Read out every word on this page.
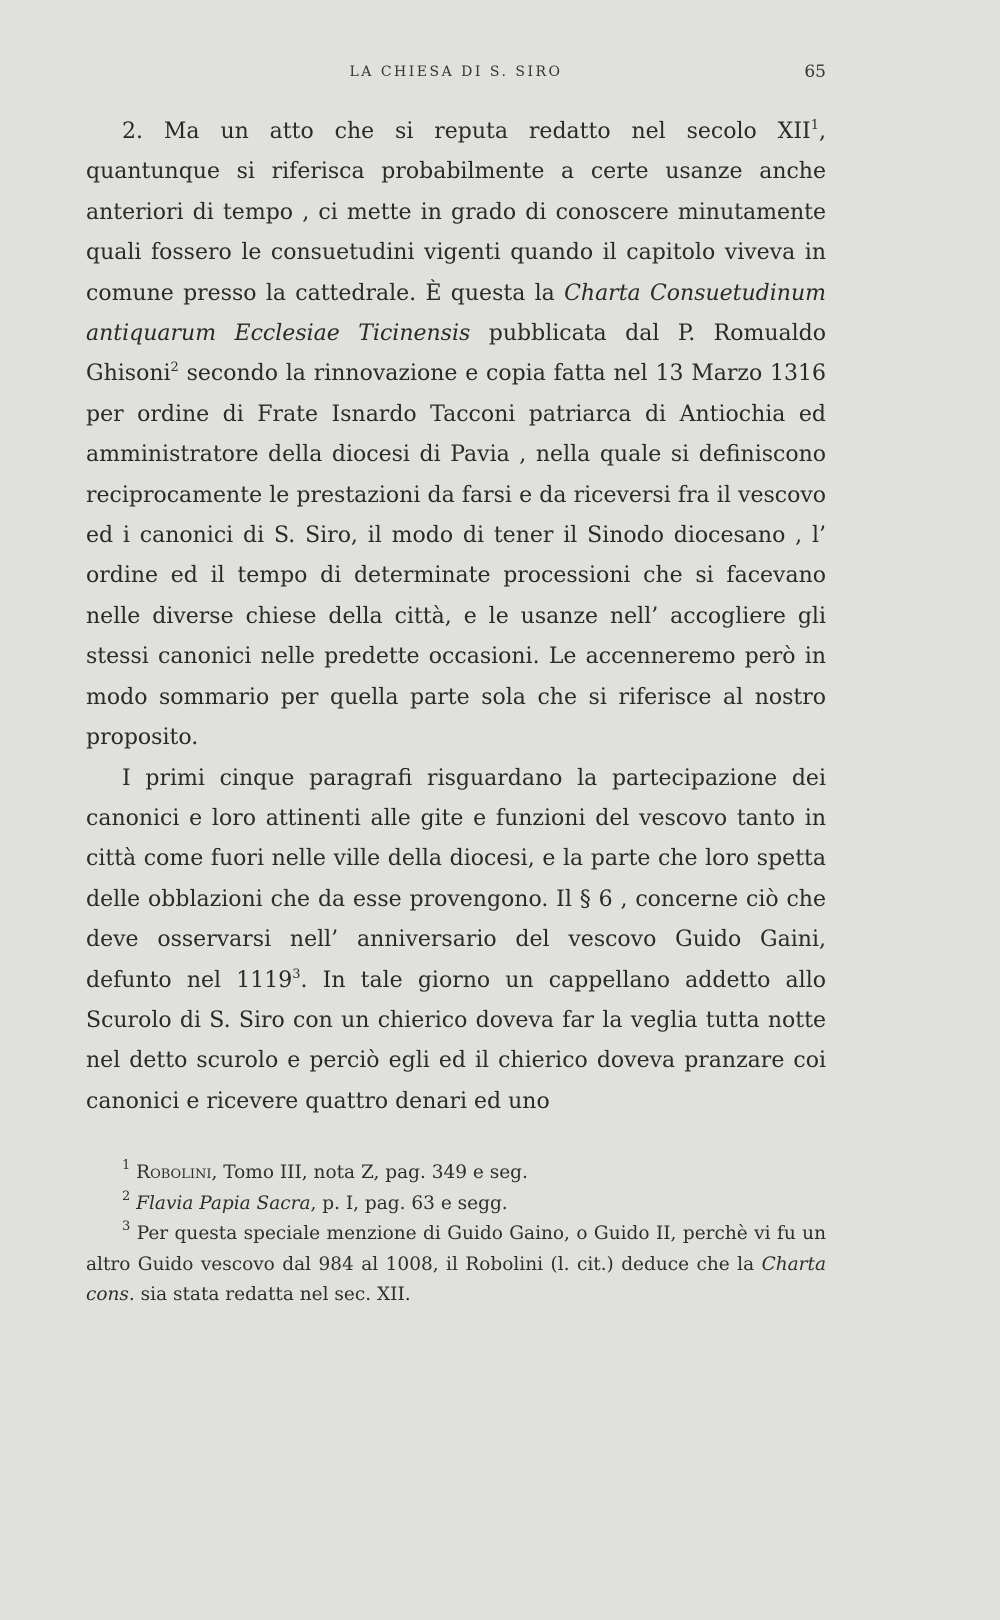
LA CHIESA DI S. SIRO	65

2. Ma un atto che si reputa redatto nel secolo XII$^1$, quantunque si riferisca probabilmente a certe usanze anche anteriori di tempo , ci mette in grado di conoscere minutamente quali fossero le consuetudini vigenti quando il capitolo viveva in comune presso la cattedrale. È questa la Charta Consuetudinum antiquarum Ecclesiae Ticinensis pubblicata dal P. Romualdo Ghisoni$^2$ secondo la rinnovazione e copia fatta nel 13 Marzo 1316 per ordine di Frate Isnardo Tacconi patriarca di Antiochia ed amministratore della diocesi di Pavia , nella quale si definiscono reciprocamente le prestazioni da farsi e da riceversi fra il vescovo ed i canonici di S. Siro, il modo di tener il Sinodo diocesano , l’ ordine ed il tempo di determinate processioni che si facevano nelle diverse chiese della città, e le usanze nell’ accogliere gli stessi canonici nelle predette occasioni. Le accenneremo però in modo sommario per quella parte sola che si riferisce al nostro proposito.

I primi cinque paragrafi risguardano la partecipazione dei canonici e loro attinenti alle gite e funzioni del vescovo tanto in città come fuori nelle ville della diocesi, e la parte che loro spetta delle obblazioni che da esse provengono. Il § 6 , concerne ciò che deve osservarsi nell’ anniversario del vescovo Guido Gaini, defunto nel 1119$^3$. In tale giorno un cappellano addetto allo Scurolo di S. Siro con un chierico doveva far la veglia tutta notte nel detto scurolo e perciò egli ed il chierico doveva pranzare coi canonici e ricevere quattro denari ed uno

$^1$ Robolini, Tomo III, nota Z, pag. 349 e seg.

$^2$ Flavia Papia Sacra, p. I, pag. 63 e segg.

$^3$ Per questa speciale menzione di Guido Gaino, o Guido II, perchè vi fu un altro Guido vescovo dal 984 al 1008, il Robolini (l. cit.) deduce che la Charta cons. sia stata redatta nel sec. XII.
